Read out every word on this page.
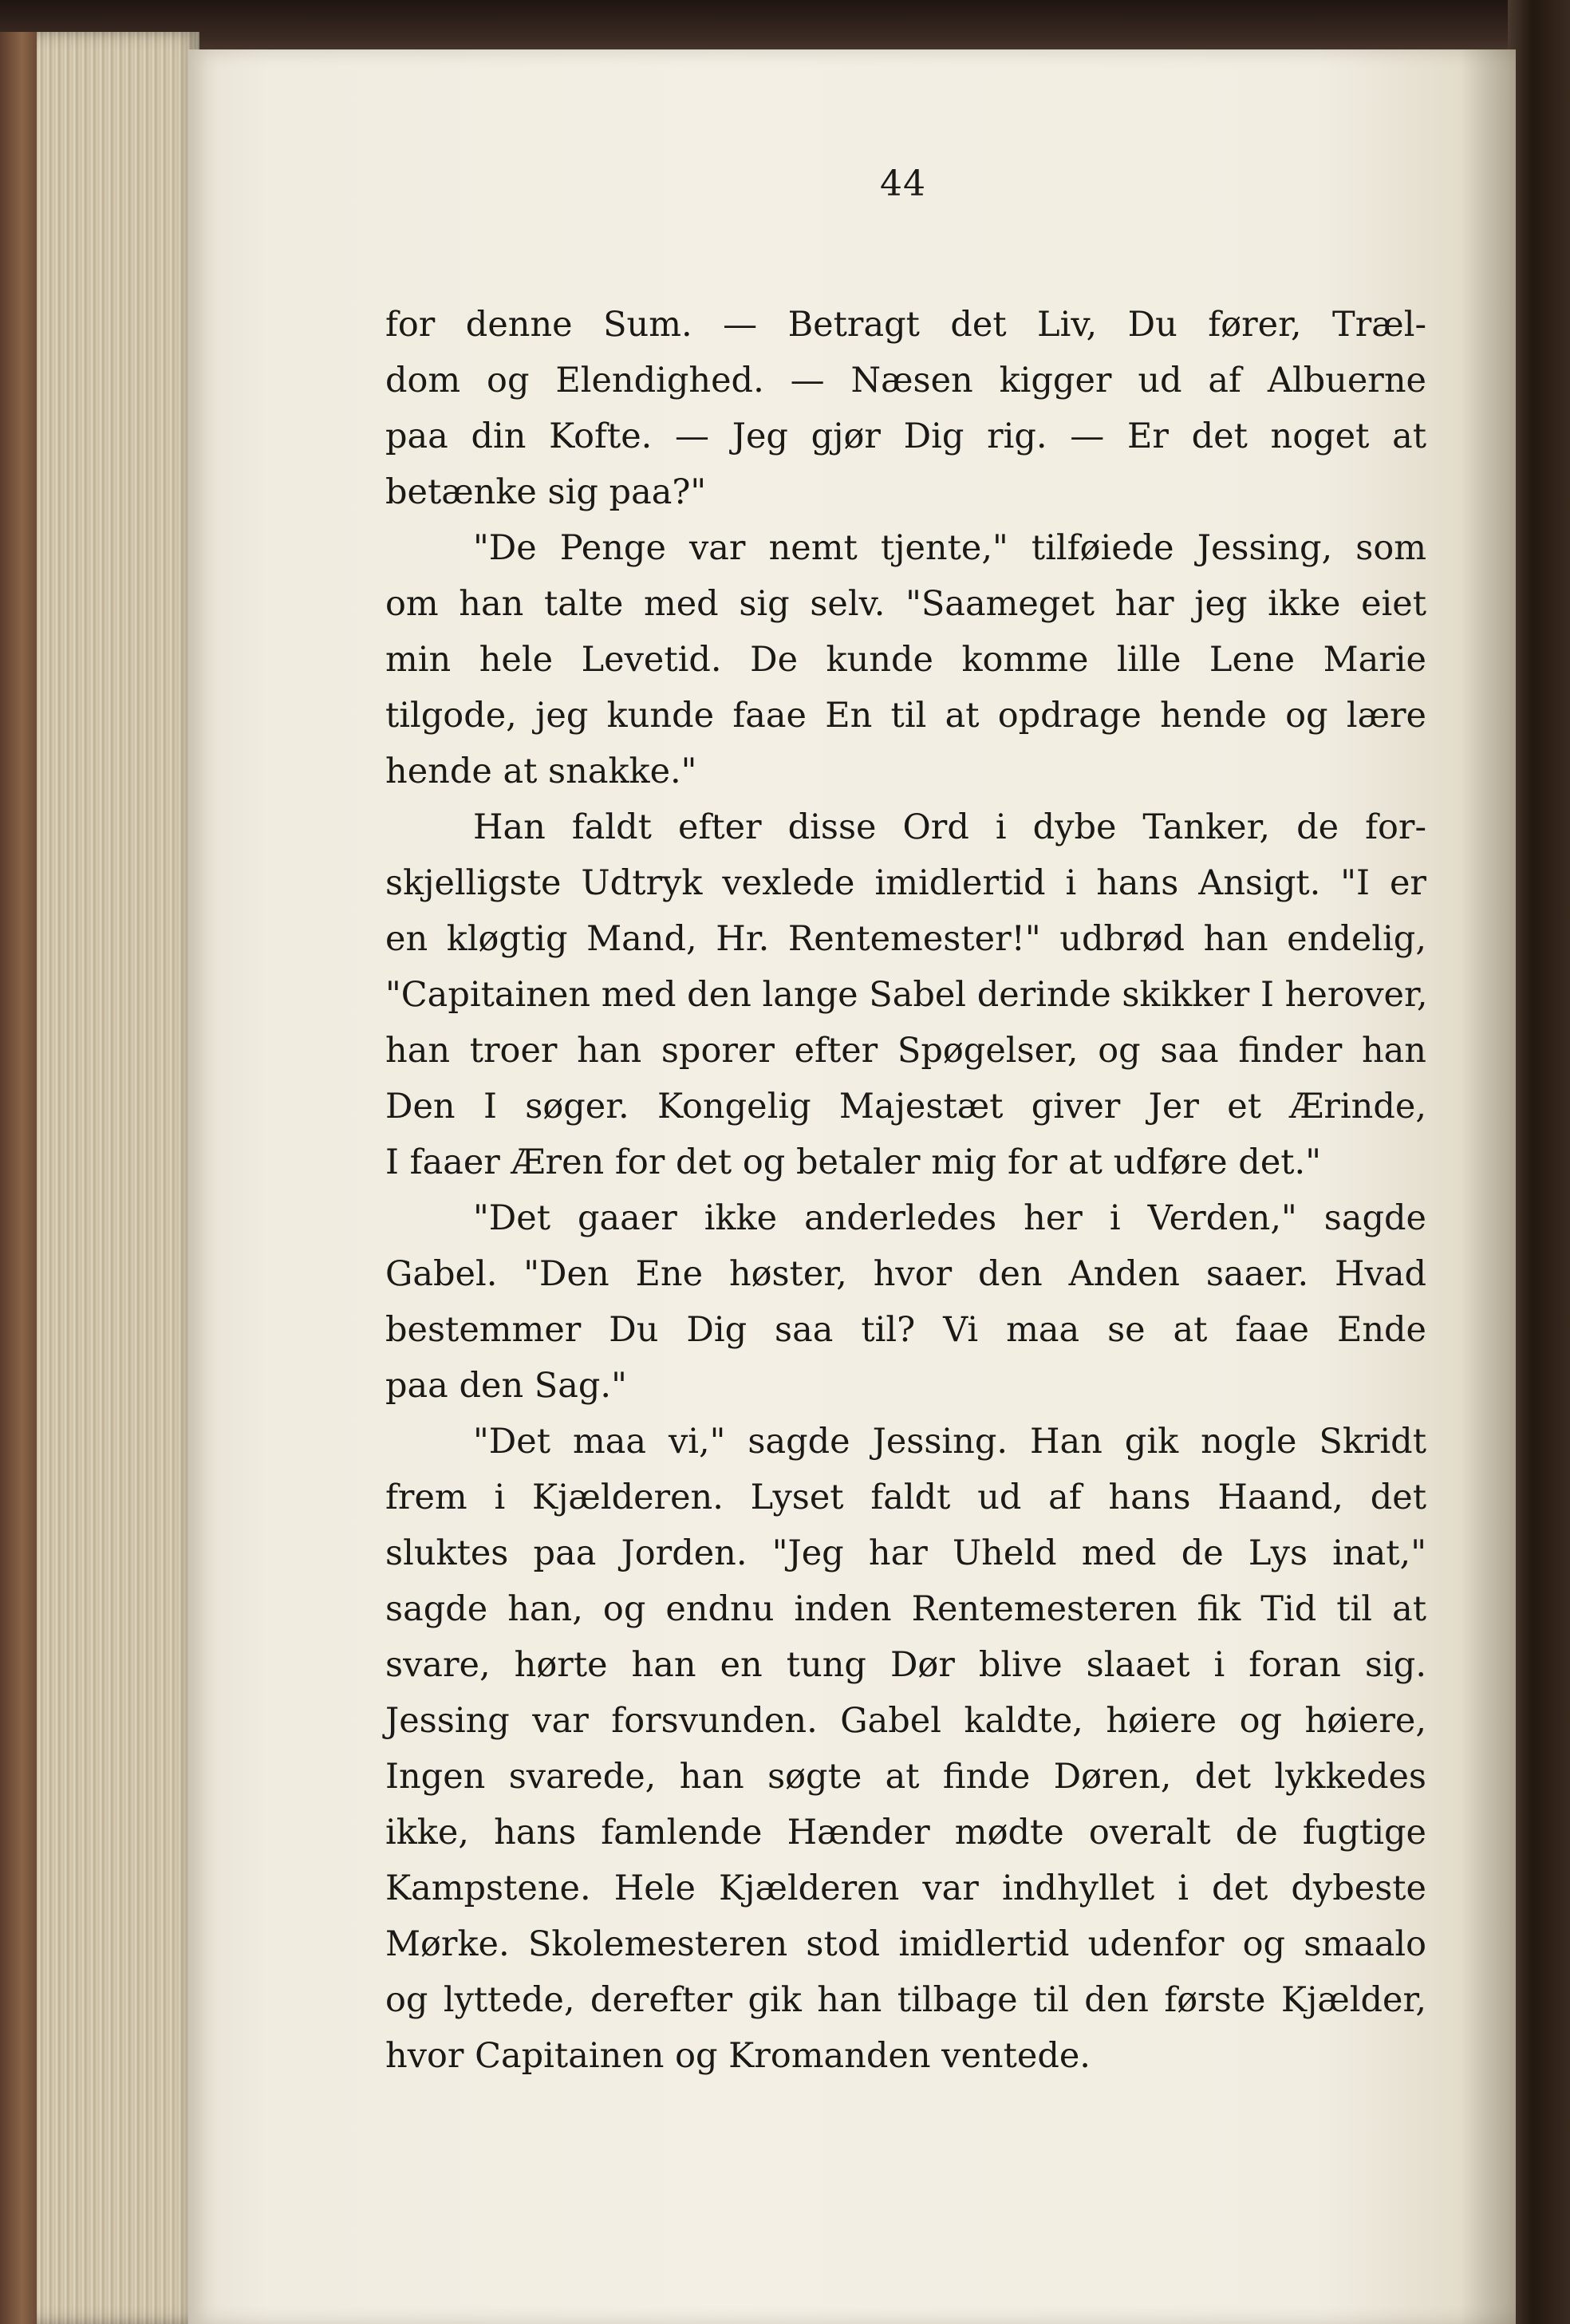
44
for denne Sum. — Betragt det Liv, Du fører, Træl-
dom og Elendighed. — Næsen kigger ud af Albuerne
paa din Kofte. — Jeg gjør Dig rig. — Er det noget at
betænke sig paa?"
"De Penge var nemt tjente," tilføiede Jessing, som
om han talte med sig selv. "Saameget har jeg ikke eiet
min hele Levetid. De kunde komme lille Lene Marie
tilgode, jeg kunde faae En til at opdrage hende og lære
hende at snakke."
Han faldt efter disse Ord i dybe Tanker, de for-
skjelligste Udtryk vexlede imidlertid i hans Ansigt. "I er
en kløgtig Mand, Hr. Rentemester!" udbrød han endelig,
"Capitainen med den lange Sabel derinde skikker I herover,
han troer han sporer efter Spøgelser, og saa finder han
Den I søger. Kongelig Majestæt giver Jer et Ærinde,
I faaer Æren for det og betaler mig for at udføre det."
"Det gaaer ikke anderledes her i Verden," sagde
Gabel. "Den Ene høster, hvor den Anden saaer. Hvad
bestemmer Du Dig saa til? Vi maa se at faae Ende
paa den Sag."
"Det maa vi," sagde Jessing. Han gik nogle Skridt
frem i Kjælderen. Lyset faldt ud af hans Haand, det
sluktes paa Jorden. "Jeg har Uheld med de Lys inat,"
sagde han, og endnu inden Rentemesteren fik Tid til at
svare, hørte han en tung Dør blive slaaet i foran sig.
Jessing var forsvunden. Gabel kaldte, høiere og høiere,
Ingen svarede, han søgte at finde Døren, det lykkedes
ikke, hans famlende Hænder mødte overalt de fugtige
Kampstene. Hele Kjælderen var indhyllet i det dybeste
Mørke. Skolemesteren stod imidlertid udenfor og smaalo
og lyttede, derefter gik han tilbage til den første Kjælder,
hvor Capitainen og Kromanden ventede.
